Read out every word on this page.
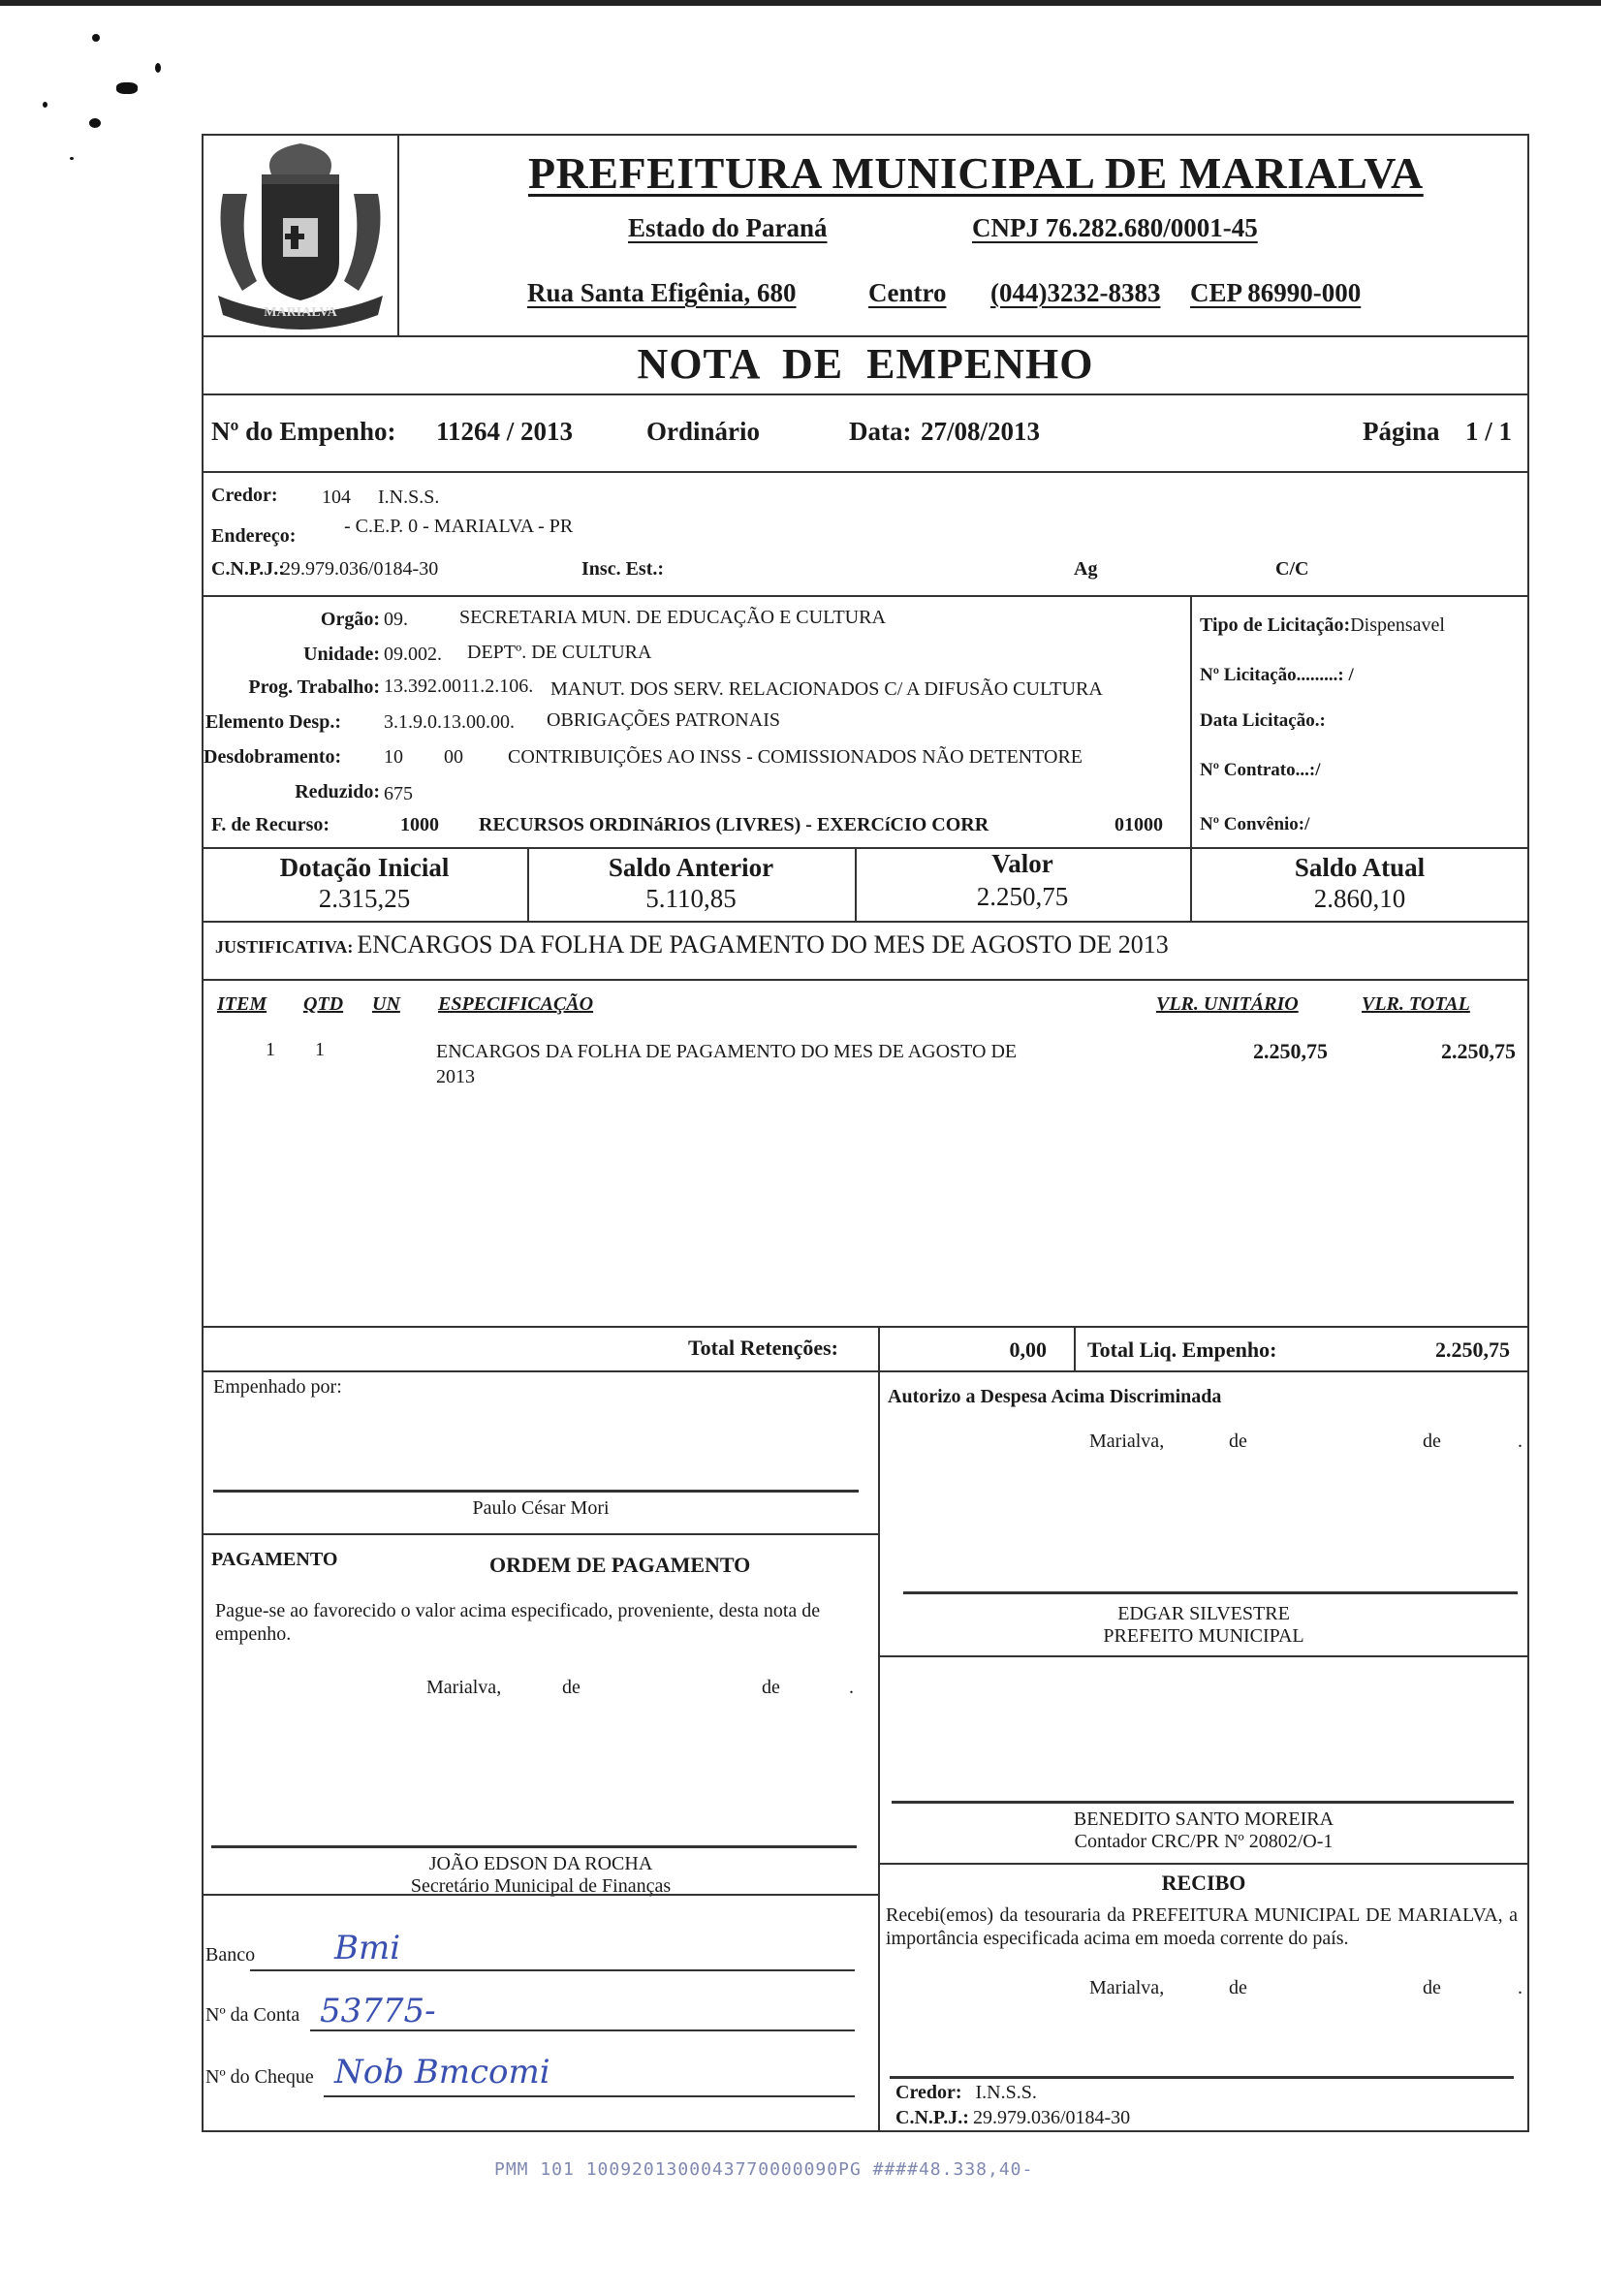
MARIALVA
PREFEITURA MUNICIPAL DE MARIALVA
Estado do Paraná	CNPJ 76.282.680/0001-45
Rua Santa Efigênia, 680	Centro (044)3232-8383 CEP 86990-000
NOTA  DE  EMPENHO
Nº do Empenho: 11264 / 2013	Ordinário	Data: 27/08/2013	Página 1 / 1
Credor: 104 I.N.S.S.
Endereço: - C.E.P. 0 - MARIALVA - PR
C.N.P.J.:
29.979.036/0184-30	Insc. Est.:	Ag	C/C
Orgão: 09.	SECRETARIA MUN. DE EDUCAÇÃO E CULTURA
Unidade: 09.002. DEPTº. DE CULTURA
Prog. Trabalho: 13.392.0011.2.106. MANUT. DOS SERV. RELACIONADOS C/ A DIFUSÃO CULTURA
Elemento Desp.: 3.1.9.0.13.00.00. OBRIGAÇÕES PATRONAIS
Desdobramento: 10 00 CONTRIBUIÇÕES AO INSS - COMISSIONADOS NÃO DETENTORE
Reduzido: 675
F. de Recurso:	1000 RECURSOS ORDINáRIOS (LIVRES) - EXERCíCIO CORR	01000
Tipo de Licitação:Dispensavel
Nº Licitação.........: /
Data Licitação.:
Nº Contrato...:/
Nº Convênio:/
Dotação Inicial
2.315,25
Saldo Anterior
5.110,85
Valor
2.250,75
Saldo Atual
2.860,10
JUSTIFICATIVA: ENCARGOS DA FOLHA DE PAGAMENTO DO MES DE AGOSTO DE 2013
ITEM QTD UN ESPECIFICAÇÃO	VLR. UNITÁRIO	VLR. TOTAL
1 1	ENCARGOS DA FOLHA DE PAGAMENTO DO MES DE AGOSTO DE
2013
2.250,75	2.250,75
Total Retenções:	0,00 Total Liq. Empenho:	2.250,75
Empenhado por:
Paulo César Mori
PAGAMENTO	ORDEM DE PAGAMENTO
Pague-se ao favorecido o valor acima especificado, proveniente, desta nota de empenho.
Marialva,	de	de	.
JOÃO EDSON DA ROCHA
Secretário Municipal de Finanças
Banco Bmi
Nº da Conta 53775-
Nº do Cheque Nob Bmcomi
Autorizo a Despesa Acima Discriminada
Marialva,	de	de	.
EDGAR SILVESTRE
PREFEITO MUNICIPAL
BENEDITO SANTO MOREIRA
Contador CRC/PR Nº 20802/O-1
RECIBO
Recebi(emos) da tesouraria da PREFEITURA MUNICIPAL DE MARIALVA, a importância especificada acima em moeda corrente do país.
Marialva,	de	de	.
Credor: I.N.S.S.
C.N.P.J.: 29.979.036/0184-30
PMM 101 1009201300043770000090PG ####48.338,40-
